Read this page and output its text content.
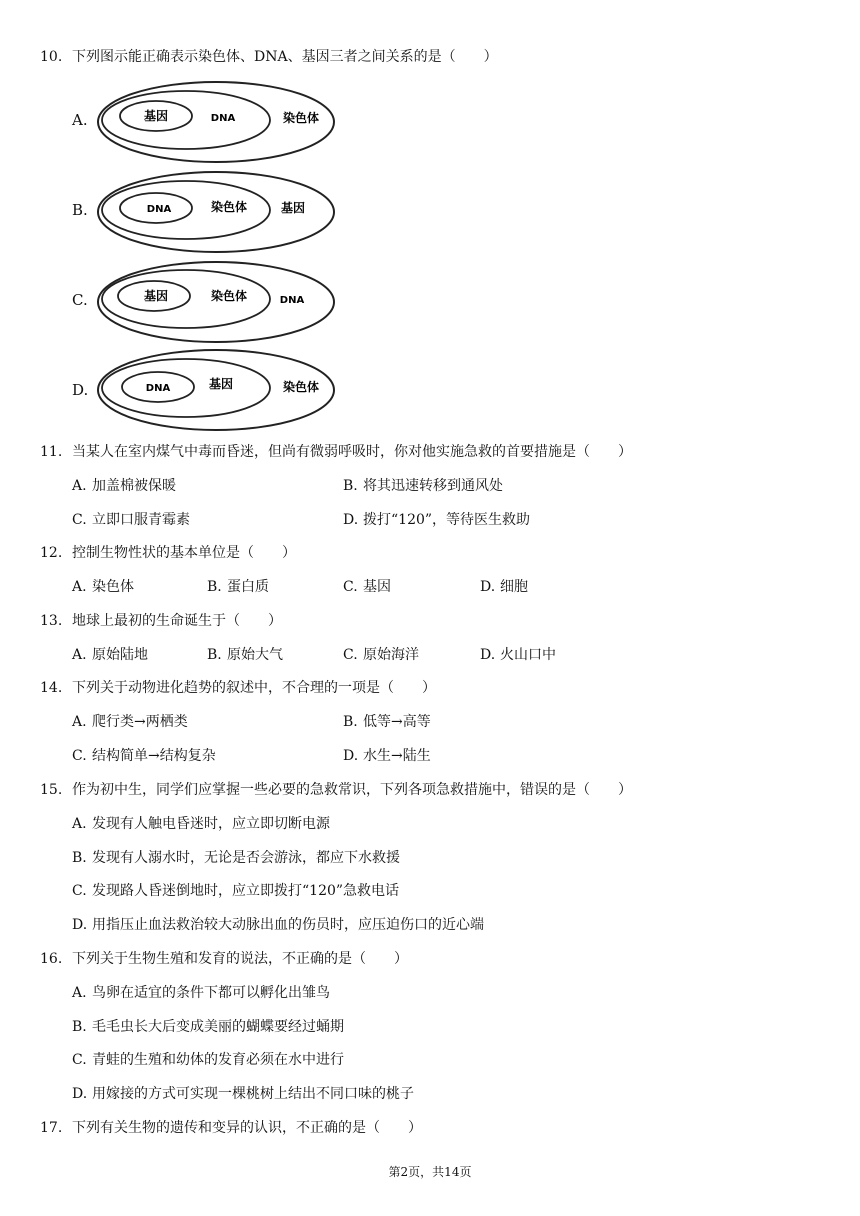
10. 下列图示能正确表示染色体、DNA、基因三者之间关系的是（　　）
A.	基因	DNA	染色体
B.	DNA	染色体	基因
C.	基因	染色体	DNA
D.	DNA	基因	染色体
11. 当某人在室内煤气中毒而昏迷，但尚有微弱呼吸时，你对他实施急救的首要措施是（　　）
A. 加盖棉被保暖	B. 将其迅速转移到通风处
C. 立即口服青霉素	D. 拨打“120”，等待医生救助
12. 控制生物性状的基本单位是（　　）
A. 染色体	B. 蛋白质	C. 基因	D. 细胞
13. 地球上最初的生命诞生于（　　）
A. 原始陆地	B. 原始大气	C. 原始海洋	D. 火山口中
14. 下列关于动物进化趋势的叙述中，不合理的一项是（　　）
A. 爬行类→两栖类	B. 低等→高等
C. 结构简单→结构复杂	D. 水生→陆生
15. 作为初中生，同学们应掌握一些必要的急救常识，下列各项急救措施中，错误的是（　　）
A. 发现有人触电昏迷时，应立即切断电源
B. 发现有人溺水时，无论是否会游泳，都应下水救援
C. 发现路人昏迷倒地时，应立即拨打“120”急救电话
D. 用指压止血法救治较大动脉出血的伤员时，应压迫伤口的近心端
16. 下列关于生物生殖和发育的说法，不正确的是（　　）
A. 鸟卵在适宜的条件下都可以孵化出雏鸟
B. 毛毛虫长大后变成美丽的蝴蝶要经过蛹期
C. 青蛙的生殖和幼体的发育必须在水中进行
D. 用嫁接的方式可实现一棵桃树上结出不同口味的桃子
17. 下列有关生物的遗传和变异的认识，不正确的是（　　）
第2页，共14页
